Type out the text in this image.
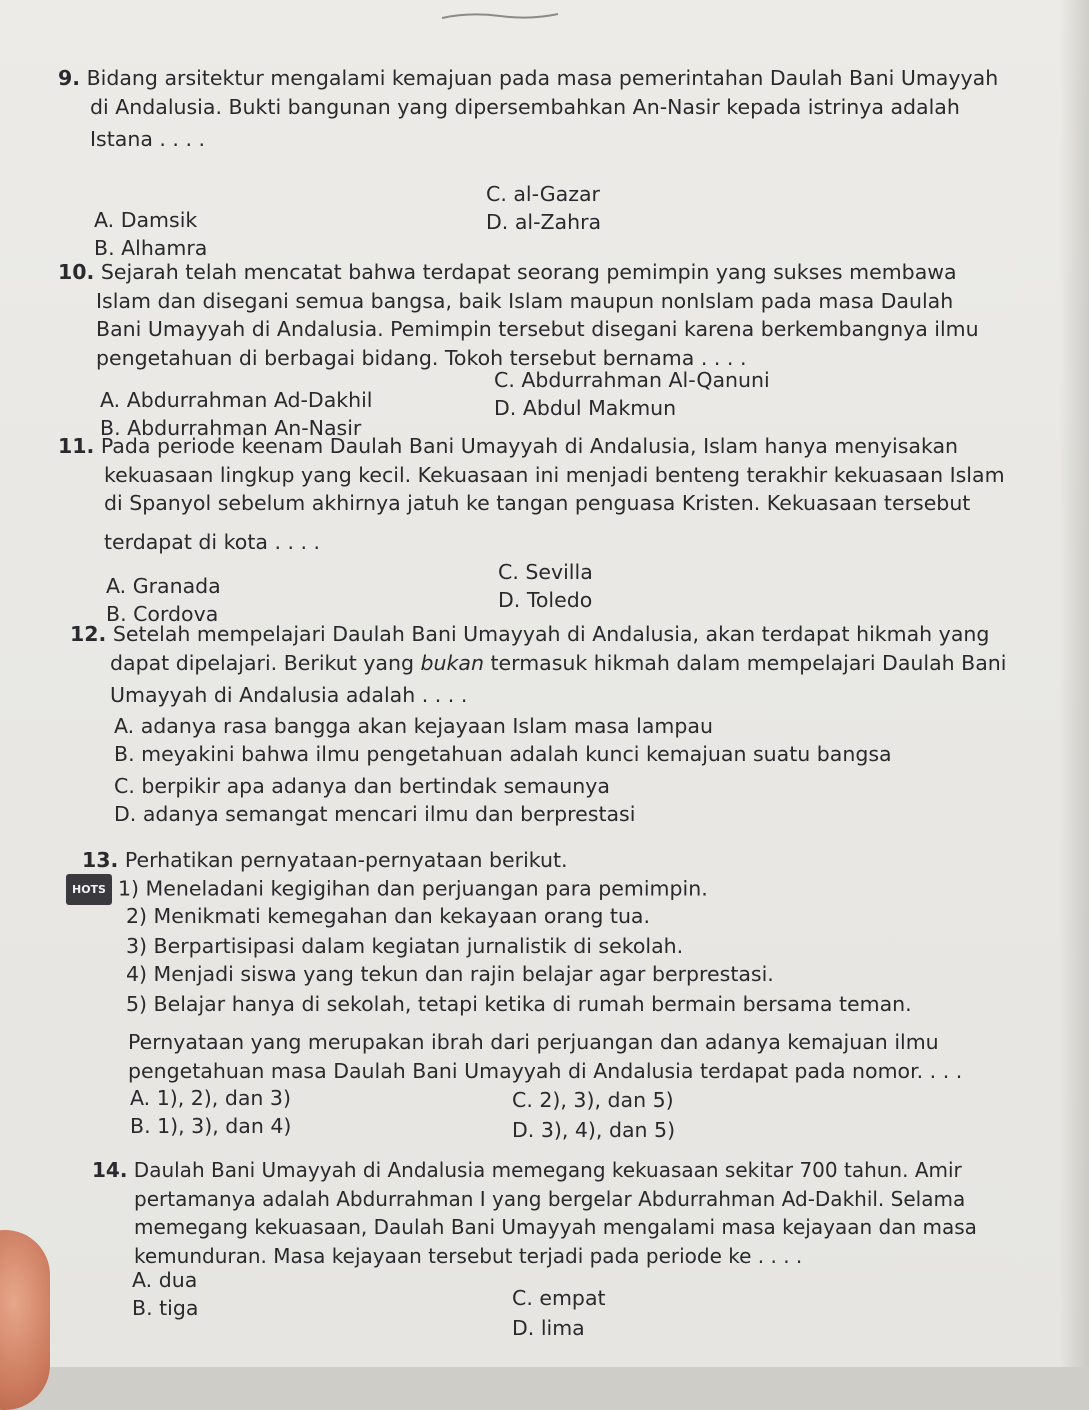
9. Bidang arsitektur mengalami kemajuan pada masa pemerintahan Daulah Bani Umayyah
di Andalusia. Bukti bangunan yang dipersembahkan An-Nasir kepada istrinya adalah
Istana . . . .
A. Damsik
B. Alhamra
C. al-Gazar
D. al-Zahra
10. Sejarah telah mencatat bahwa terdapat seorang pemimpin yang sukses membawa
Islam dan disegani semua bangsa, baik Islam maupun nonIslam pada masa Daulah
Bani Umayyah di Andalusia. Pemimpin tersebut disegani karena berkembangnya ilmu
pengetahuan di berbagai bidang. Tokoh tersebut bernama . . . .
A. Abdurrahman Ad-Dakhil
B. Abdurrahman An-Nasir
C. Abdurrahman Al-Qanuni
D. Abdul Makmun
11. Pada periode keenam Daulah Bani Umayyah di Andalusia, Islam hanya menyisakan
kekuasaan lingkup yang kecil. Kekuasaan ini menjadi benteng terakhir kekuasaan Islam
di Spanyol sebelum akhirnya jatuh ke tangan penguasa Kristen. Kekuasaan tersebut
terdapat di kota . . . .
A. Granada
B. Cordova
C. Sevilla
D. Toledo
12. Setelah mempelajari Daulah Bani Umayyah di Andalusia, akan terdapat hikmah yang
dapat dipelajari. Berikut yang bukan termasuk hikmah dalam mempelajari Daulah Bani
Umayyah di Andalusia adalah . . . .
A. adanya rasa bangga akan kejayaan Islam masa lampau
B. meyakini bahwa ilmu pengetahuan adalah kunci kemajuan suatu bangsa
C. berpikir apa adanya dan bertindak semaunya
D. adanya semangat mencari ilmu dan berprestasi
13. Perhatikan pernyataan-pernyataan berikut.
HOTS 1) Meneladani kegigihan dan perjuangan para pemimpin.
2) Menikmati kemegahan dan kekayaan orang tua.
3) Berpartisipasi dalam kegiatan jurnalistik di sekolah.
4) Menjadi siswa yang tekun dan rajin belajar agar berprestasi.
5) Belajar hanya di sekolah, tetapi ketika di rumah bermain bersama teman.
Pernyataan yang merupakan ibrah dari perjuangan dan adanya kemajuan ilmu
pengetahuan masa Daulah Bani Umayyah di Andalusia terdapat pada nomor. . . .
A. 1), 2), dan 3)
B. 1), 3), dan 4)
C. 2), 3), dan 5)
D. 3), 4), dan 5)
14. Daulah Bani Umayyah di Andalusia memegang kekuasaan sekitar 700 tahun. Amir
pertamanya adalah Abdurrahman I yang bergelar Abdurrahman Ad-Dakhil. Selama
memegang kekuasaan, Daulah Bani Umayyah mengalami masa kejayaan dan masa
kemunduran. Masa kejayaan tersebut terjadi pada periode ke . . . .
A. dua
B. tiga	C. empat
D. lima
